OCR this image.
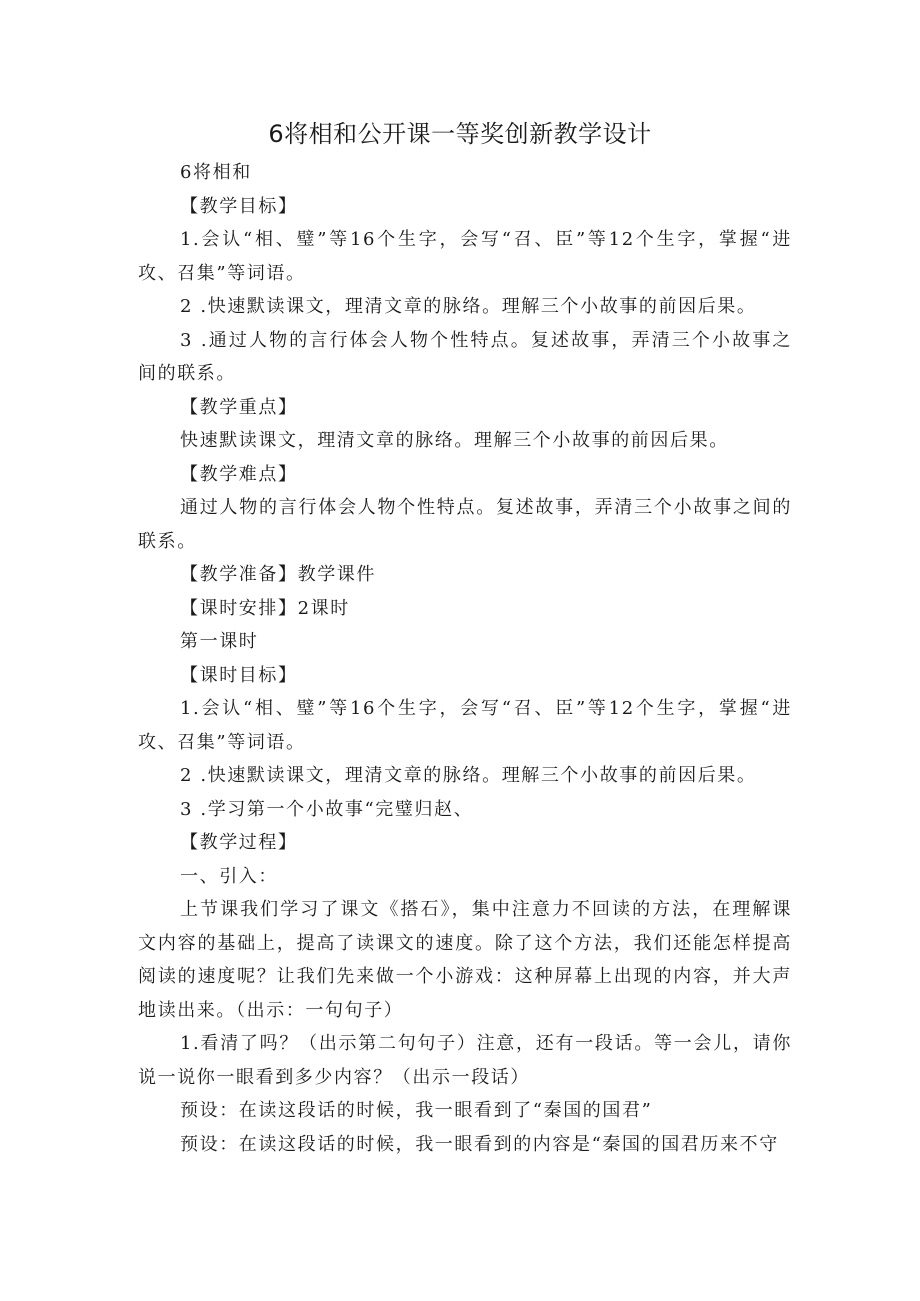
6将相和公开课一等奖创新教学设计

6将相和

【教学目标】

1.会认“相、璧”等16个生字，会写“召、臣”等12个生字，掌握“进攻、召集”等词语。

2 .快速默读课文，理清文章的脉络。理解三个小故事的前因后果。

3 .通过人物的言行体会人物个性特点。复述故事，弄清三个小故事之间的联系。

【教学重点】

快速默读课文，理清文章的脉络。理解三个小故事的前因后果。

【教学难点】

通过人物的言行体会人物个性特点。复述故事，弄清三个小故事之间的联系。

【教学准备】教学课件

【课时安排】2课时

第一课时

【课时目标】

1.会认“相、璧”等16个生字，会写“召、臣”等12个生字，掌握“进攻、召集”等词语。

2 .快速默读课文，理清文章的脉络。理解三个小故事的前因后果。

3 .学习第一个小故事“完璧归赵、

【教学过程】

一、引入：

上节课我们学习了课文《搭石》，集中注意力不回读的方法，在理解课文内容的基础上，提高了读课文的速度。除了这个方法，我们还能怎样提高阅读的速度呢？让我们先来做一个小游戏：这种屏幕上出现的内容，并大声地读出来。（出示：一句句子）

1.看清了吗？（出示第二句句子）注意，还有一段话。等一会儿，请你说一说你一眼看到多少内容？（出示一段话）

预设：在读这段话的时候，我一眼看到了“秦国的国君”

预设：在读这段话的时候，我一眼看到的内容是“秦国的国君历来不守
